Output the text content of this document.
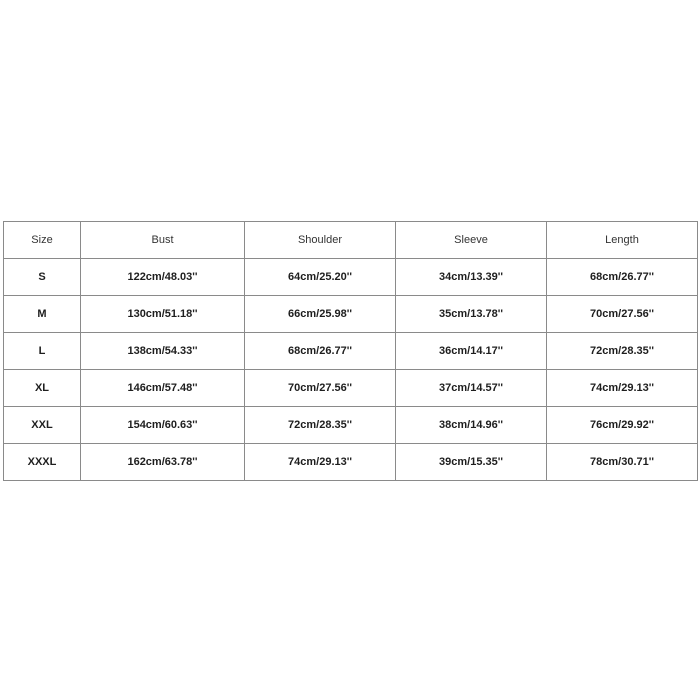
Size	Bust	Shoulder	Sleeve	Length
S	122cm/48.03''	64cm/25.20''	34cm/13.39''	68cm/26.77''
M	130cm/51.18''	66cm/25.98''	35cm/13.78''	70cm/27.56''
L	138cm/54.33''	68cm/26.77''	36cm/14.17''	72cm/28.35''
XL	146cm/57.48''	70cm/27.56''	37cm/14.57''	74cm/29.13''
XXL	154cm/60.63''	72cm/28.35''	38cm/14.96''	76cm/29.92''
XXXL	162cm/63.78''	74cm/29.13''	39cm/15.35''	78cm/30.71''
